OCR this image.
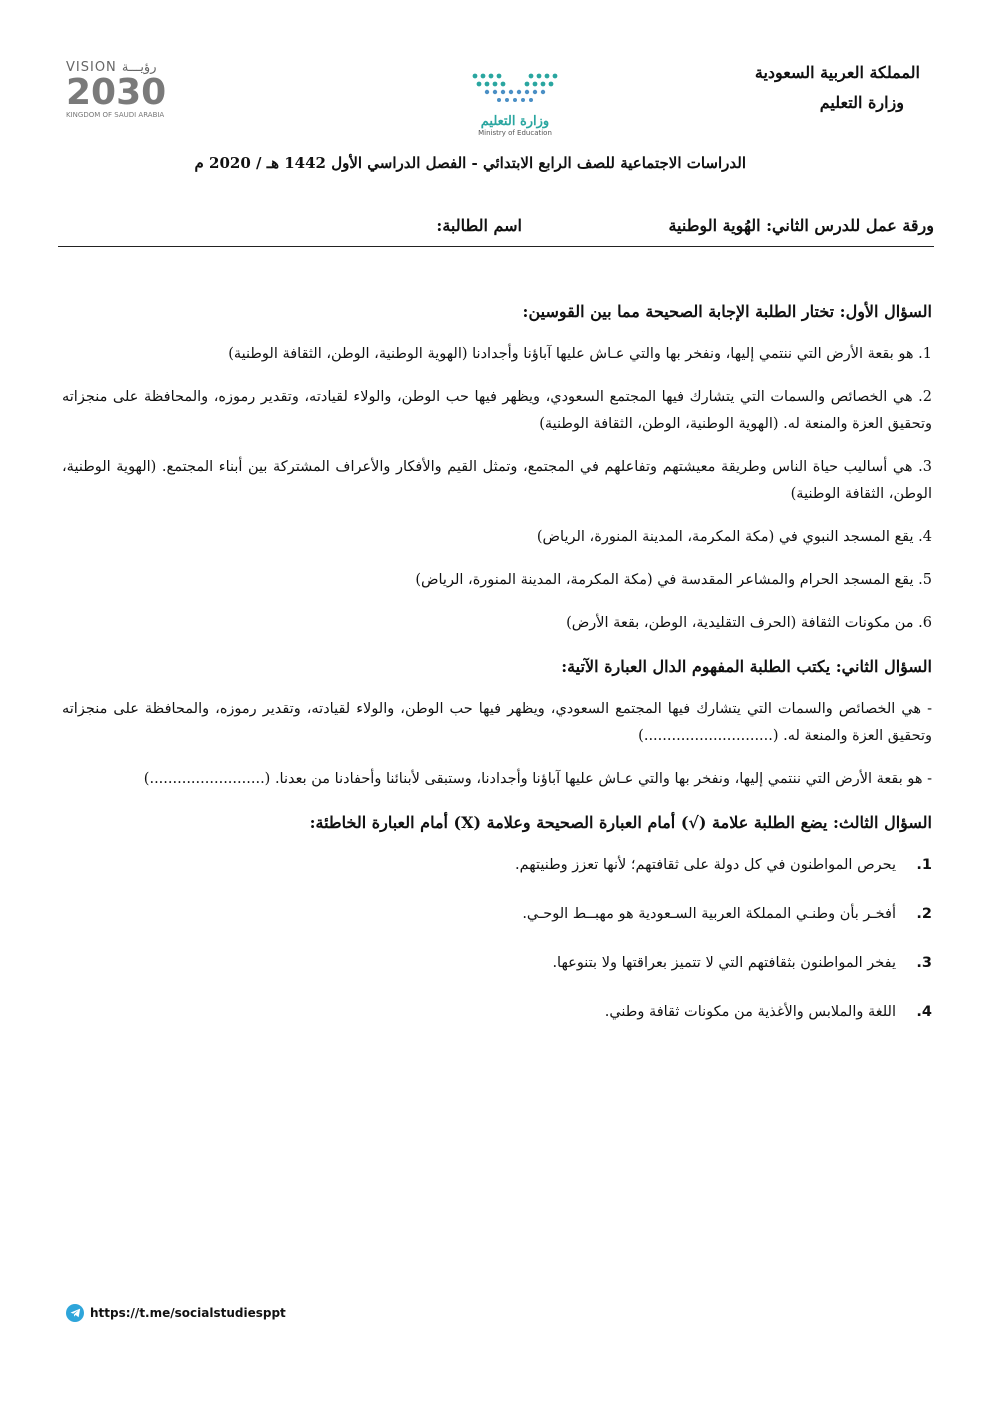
المملكة العربية السعودية
وزارة التعليم
وزارة التعليم
Ministry of Education
VISION رؤيـــة
2030
KINGDOM OF SAUDI ARABIA
الدراسات الاجتماعية للصف الرابع الابتدائي - الفصل الدراسي الأول 1442 هـ / 2020 م
ورقة عمل للدرس الثاني: الهُوية الوطنية
اسم الطالبة:
السؤال الأول: تختار الطلبة الإجابة الصحيحة مما بين القوسين:
1. هو بقعة الأرض التي ننتمي إليها، ونفخر بها والتي عـاش عليها آباؤنا وأجدادنا (الهوية الوطنية، الوطن، الثقافة الوطنية)
2. هي الخصائص والسمات التي يتشارك فيها المجتمع السعودي، ويظهر فيها حب الوطن، والولاء لقيادته، وتقدير رموزه، والمحافظة على منجزاته وتحقيق العزة والمنعة له. (الهوية الوطنية، الوطن، الثقافة الوطنية)
3. هي أساليب حياة الناس وطريقة معيشتهم وتفاعلهم في المجتمع، وتمثل القيم والأفكار والأعراف المشتركة بين أبناء المجتمع. (الهوية الوطنية، الوطن، الثقافة الوطنية)
4. يقع المسجد النبوي في (مكة المكرمة، المدينة المنورة، الرياض)
5. يقع المسجد الحرام والمشاعر المقدسة في (مكة المكرمة، المدينة المنورة، الرياض)
6. من مكونات الثقافة (الحرف التقليدية، الوطن، بقعة الأرض)
السؤال الثاني: يكتب الطلبة المفهوم الدال العبارة الآتية:
- هي الخصائص والسمات التي يتشارك فيها المجتمع السعودي، ويظهر فيها حب الوطن، والولاء لقيادته، وتقدير رموزه، والمحافظة على منجزاته وتحقيق العزة والمنعة له. (............................)
- هو بقعة الأرض التي ننتمي إليها، ونفخر بها والتي عـاش عليها آباؤنا وأجدادنا، وستبقى لأبنائنا وأحفادنا من بعدنا. (.........................)
السؤال الثالث: يضع الطلبة علامة (√) أمام العبارة الصحيحة وعلامة (X) أمام العبارة الخاطئة:
1.
يحرص المواطنون في كل دولة على ثقافتهم؛ لأنها تعزز وطنيتهم.
2.
أفخـر بأن وطنـي المملكة العربية السـعودية هو مهبــط الوحـي.
3.
يفخر المواطنون بثقافتهم التي لا تتميز بعراقتها ولا بتنوعها.
4.
اللغة والملابس والأغذية من مكونات ثقافة وطني.
https://t.me/socialstudiesppt
